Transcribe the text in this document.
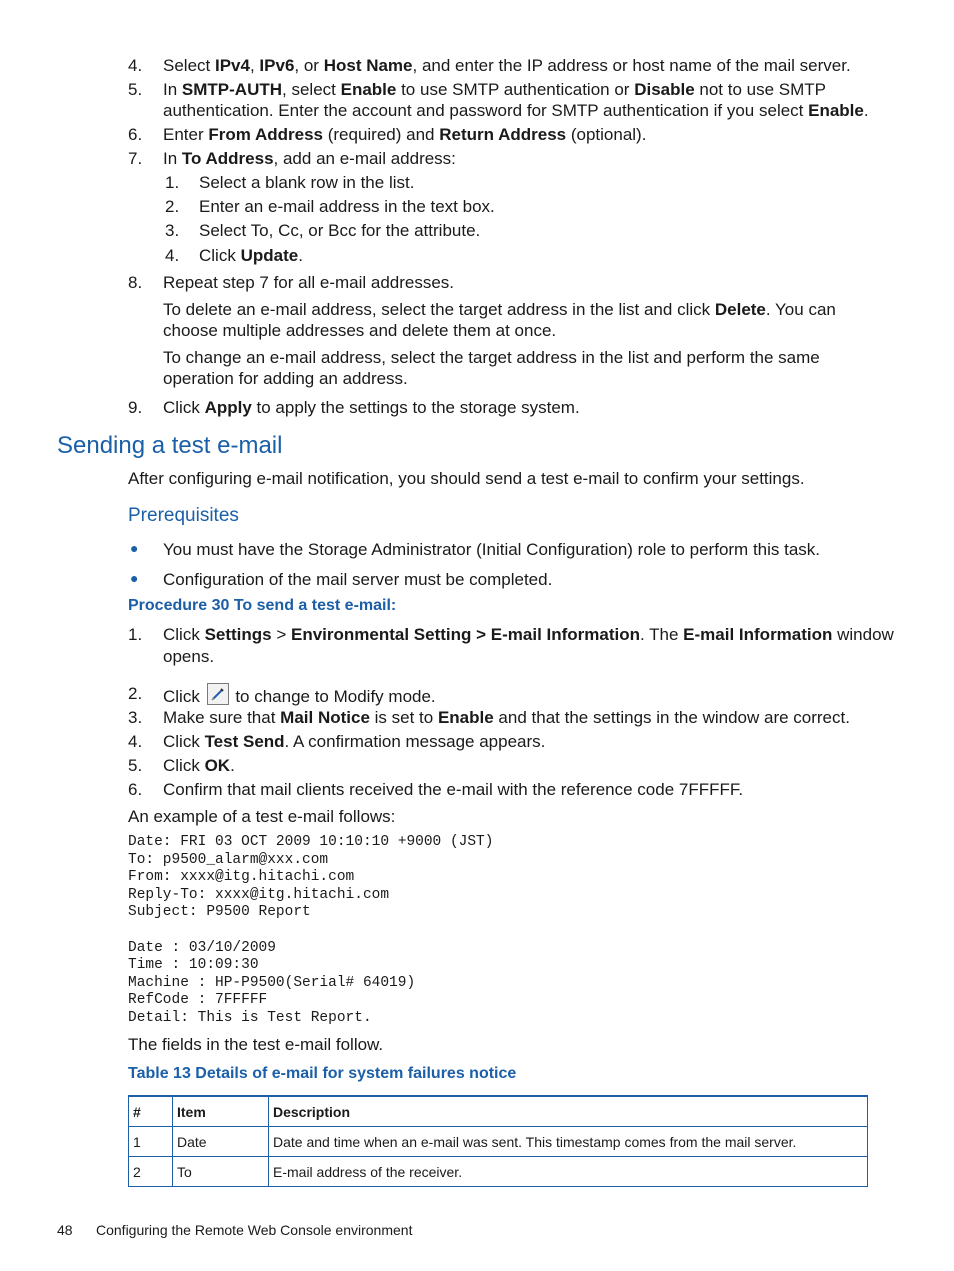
4. Select IPv4, IPv6, or Host Name, and enter the IP address or host name of the mail server.
5. In SMTP-AUTH, select Enable to use SMTP authentication or Disable not to use SMTP
authentication. Enter the account and password for SMTP authentication if you select Enable.
6. Enter From Address (required) and Return Address (optional).
7. In To Address, add an e-mail address:
1. Select a blank row in the list.
2. Enter an e-mail address in the text box.
3. Select To, Cc, or Bcc for the attribute.
4. Click Update.
8. Repeat step 7 for all e-mail addresses.
To delete an e-mail address, select the target address in the list and click Delete. You can
choose multiple addresses and delete them at once.
To change an e-mail address, select the target address in the list and perform the same
operation for adding an address.
9. Click Apply to apply the settings to the storage system.
Sending a test e-mail
After configuring e-mail notification, you should send a test e-mail to confirm your settings.
Prerequisites
● You must have the Storage Administrator (Initial Configuration) role to perform this task.
● Configuration of the mail server must be completed.
Procedure 30 To send a test e-mail:
1. Click Settings > Environmental Setting > E-mail Information. The E-mail Information window
opens.
2. Click to change to Modify mode.
3. Make sure that Mail Notice is set to Enable and that the settings in the window are correct.
4. Click Test Send. A confirmation message appears.
5. Click OK.
6. Confirm that mail clients received the e-mail with the reference code 7FFFFF.
An example of a test e-mail follows:
Date: FRI 03 OCT 2009 10:10:10 +9000 (JST)
To: p9500_alarm@xxx.com
From: xxxx@itg.hitachi.com
Reply-To: xxxx@itg.hitachi.com
Subject: P9500 Report

Date : 03/10/2009
Time : 10:09:30
Machine : HP-P9500(Serial# 64019)
RefCode : 7FFFFF
Detail: This is Test Report.
The fields in the test e-mail follow.
Table 13 Details of e-mail for system failures notice
#	Item	Description
1	Date	Date and time when an e-mail was sent. This timestamp comes from the mail server.
2	To	E-mail address of the receiver.
48 Configuring the Remote Web Console environment
